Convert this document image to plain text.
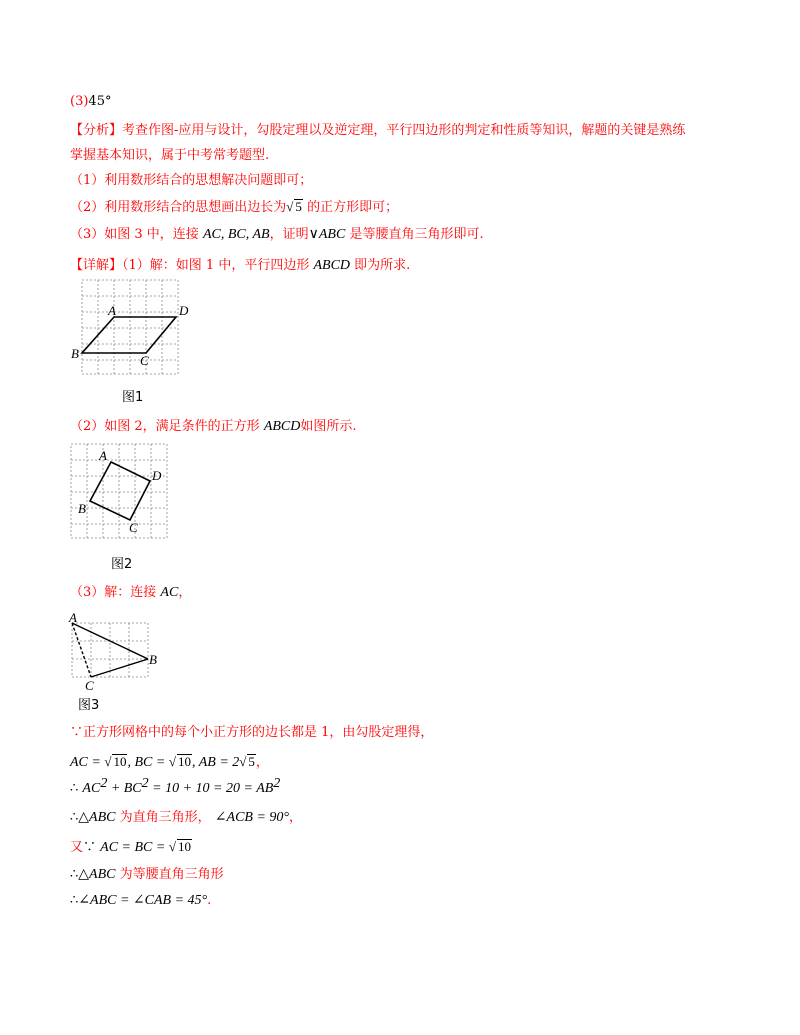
(3)45°
【分析】考查作图-应用与设计，勾股定理以及逆定理，平行四边形的判定和性质等知识，解题的关键是熟练
掌握基本知识，属于中考常考题型.
（1）利用数形结合的思想解决问题即可；
（2）利用数形结合的思想画出边长为√ 5 的正方形即可；
（3）如图 3 中，连接 AC, BC, AB，证明∨ABC 是等腰直角三角形即可.
【详解】（1）解：如图 1 中，平行四边形 ABCD 即为所求.
A	D
B	C
图1
（2）如图 2，满足条件的正方形 ABCD如图所示.
A
D
B
C
图2
（3）解：连接 AC，
A
B
C
图3
∵正方形网格中的每个小正方形的边长都是 1，由勾股定理得，
AC = √ 10, BC = √ 10, AB = 2√ 5，
∴ $AC^2 + BC^2 = 10 + 10 = 20 = AB^2$
∴△ABC 为直角三角形， ∠ACB = 90°，
又∵ AC = BC = √ 10
∴△ABC 为等腰直角三角形
∴∠ABC = ∠CAB = 45°.
